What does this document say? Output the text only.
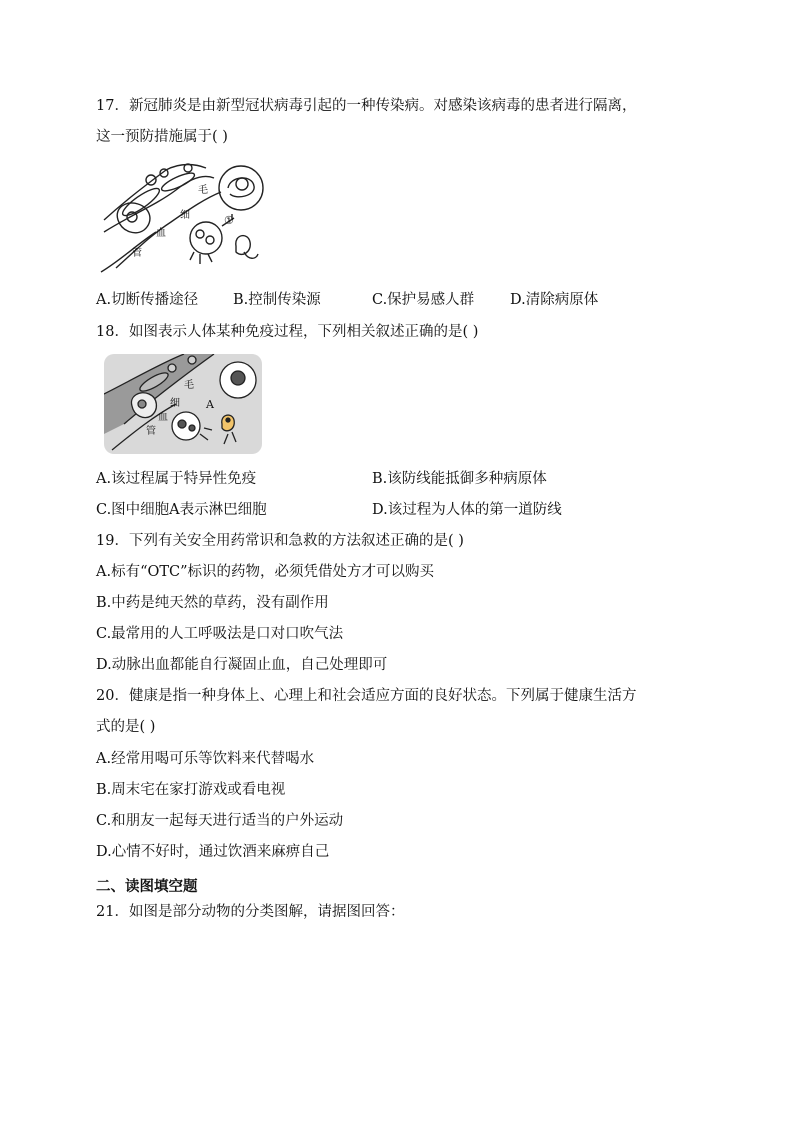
17．新冠肺炎是由新型冠状病毒引起的一种传染病。对感染该病毒的患者进行隔离，
这一预防措施属于( )
毛
细
血
管
①
A.切断传播途径 B.控制传染源	C.保护易感人群 D.清除病原体
18．如图表示人体某种免疫过程，下列相关叙述正确的是( )
毛
细
血
管
A
A.该过程属于特异性免疫	B.该防线能抵御多种病原体
C.图中细胞A表示淋巴细胞	D.该过程为人体的第一道防线
19．下列有关安全用药常识和急救的方法叙述正确的是( )
A.标有“OTC”标识的药物，必须凭借处方才可以购买
B.中药是纯天然的草药，没有副作用
C.最常用的人工呼吸法是口对口吹气法
D.动脉出血都能自行凝固止血，自己处理即可
20．健康是指一种身体上、心理上和社会适应方面的良好状态。下列属于健康生活方
式的是( )
A.经常用喝可乐等饮料来代替喝水
B.周末宅在家打游戏或看电视
C.和朋友一起每天进行适当的户外运动
D.心情不好时，通过饮酒来麻痹自己
二、读图填空题
21．如图是部分动物的分类图解，请据图回答：
